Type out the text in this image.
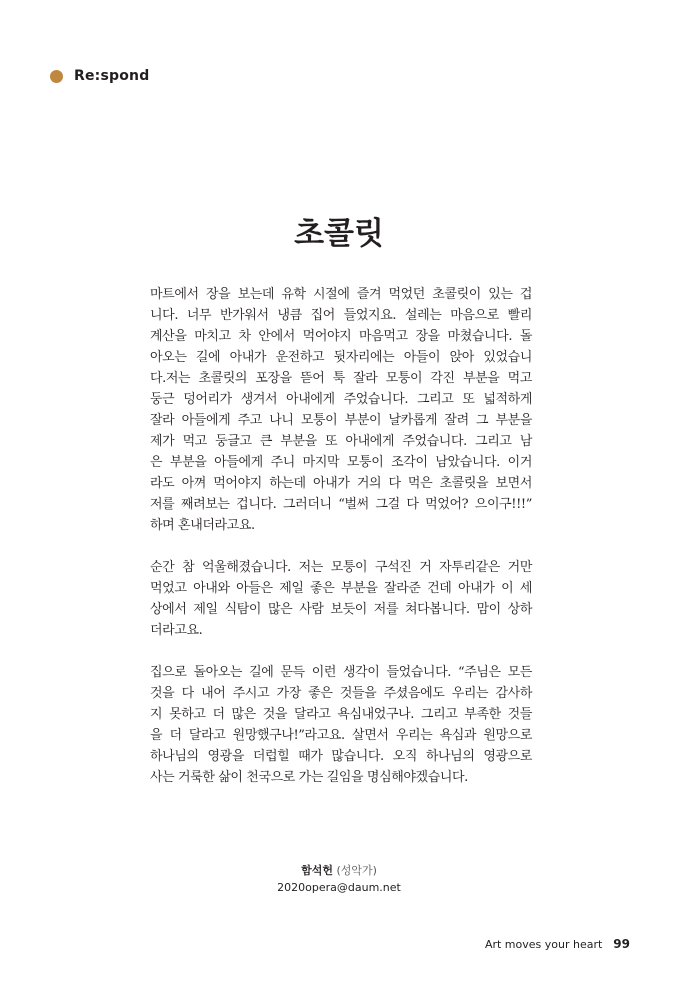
Re:spond
초콜릿
마트에서 장을 보는데 유학 시절에 즐겨 먹었던 초콜릿이 있는 겁
니다. 너무 반가워서 냉큼 집어 들었지요. 설레는 마음으로 빨리
계산을 마치고 차 안에서 먹어야지 마음먹고 장을 마쳤습니다. 돌
아오는 길에 아내가 운전하고 뒷자리에는 아들이 앉아 있었습니
다.저는 초콜릿의 포장을 뜯어 툭 잘라 모퉁이 각진 부분을 먹고
둥근 덩어리가 생겨서 아내에게 주었습니다. 그리고 또 넓적하게
잘라 아들에게 주고 나니 모퉁이 부분이 날카롭게 잘려 그 부분을
제가 먹고 둥글고 큰 부분을 또 아내에게 주었습니다. 그리고 남
은 부분을 아들에게 주니 마지막 모퉁이 조각이 남았습니다. 이거
라도 아껴 먹어야지 하는데 아내가 거의 다 먹은 초콜릿을 보면서
저를 째려보는 겁니다. 그러더니 “벌써 그걸 다 먹었어? 으이구!!!”
하며 혼내더라고요.
순간 참 억울해졌습니다. 저는 모퉁이 구석진 거 자투리같은 거만
먹었고 아내와 아들은 제일 좋은 부분을 잘라준 건데 아내가 이 세
상에서 제일 식탐이 많은 사람 보듯이 저를 쳐다봅니다. 맘이 상하
더라고요.
집으로 돌아오는 길에 문득 이런 생각이 들었습니다. “주님은 모든
것을 다 내어 주시고 가장 좋은 것들을 주셨음에도 우리는 감사하
지 못하고 더 많은 것을 달라고 욕심내었구나. 그리고 부족한 것들
을 더 달라고 원망했구나!”라고요. 살면서 우리는 욕심과 원망으로
하나님의 영광을 더럽힐 때가 많습니다. 오직 하나님의 영광으로
사는 거룩한 삶이 천국으로 가는 길임을 명심해야겠습니다.
함석헌 (성악가)
2020opera@daum.net
Art moves your heart 99
